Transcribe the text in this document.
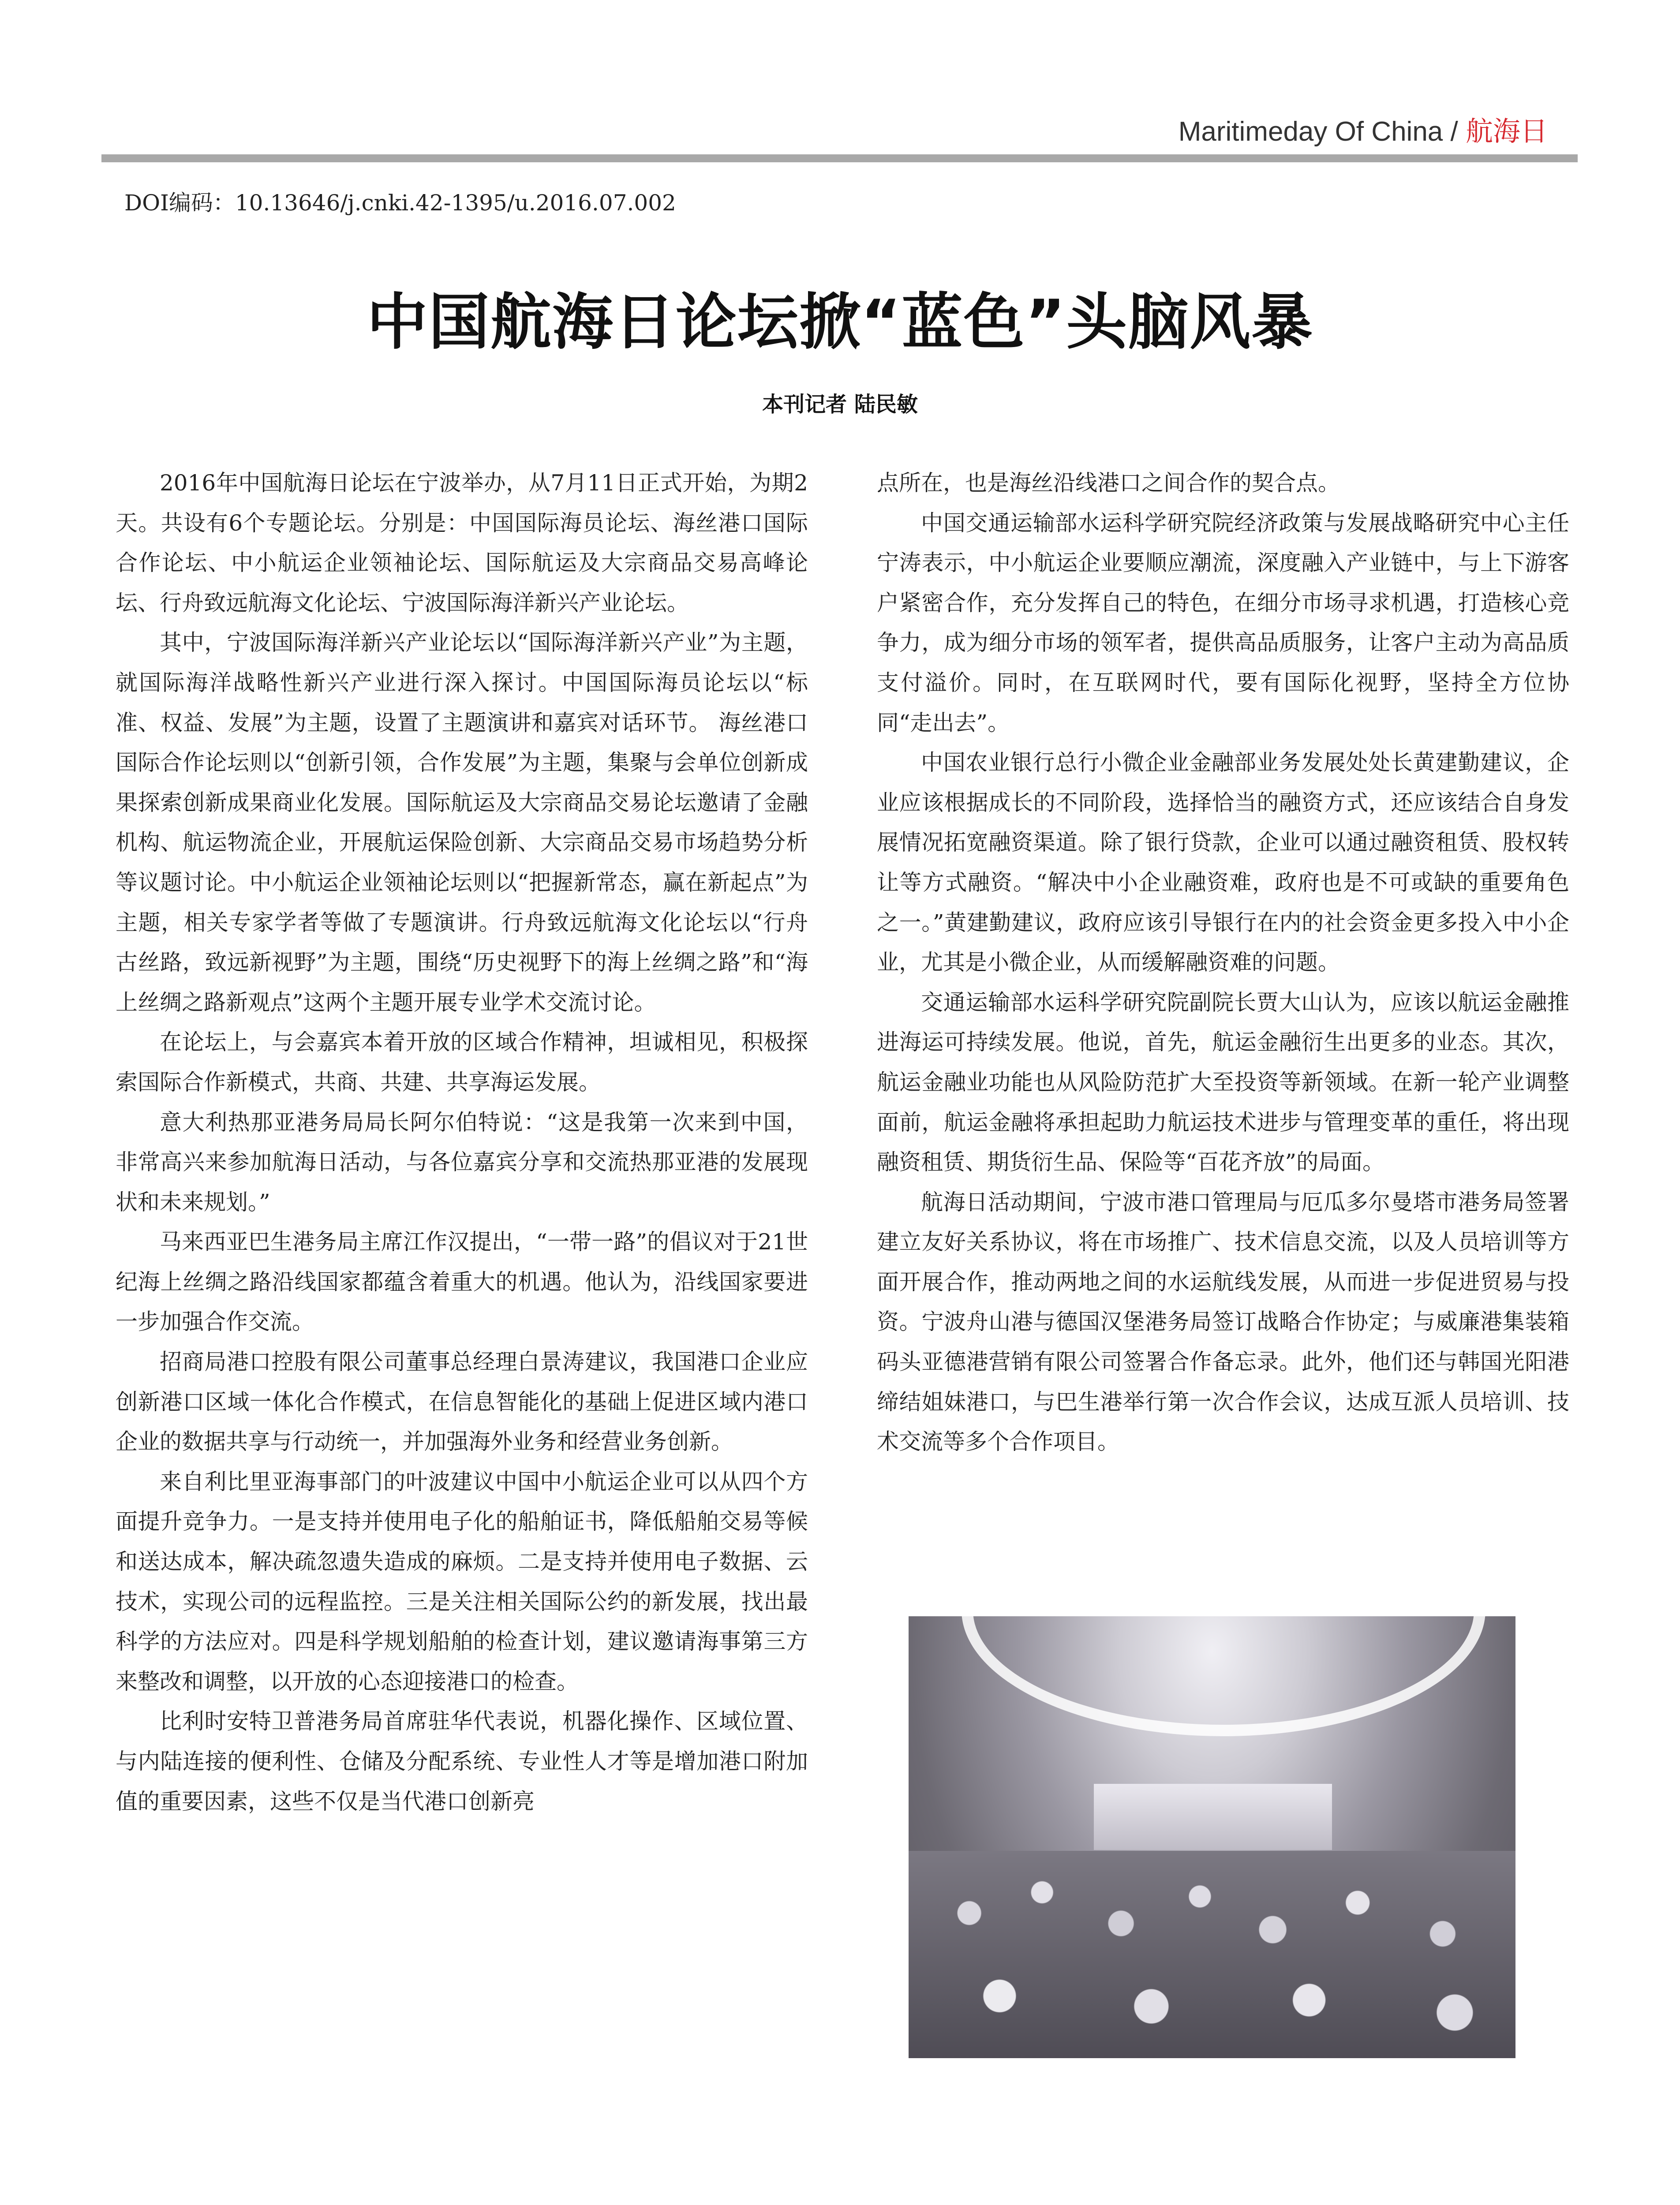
Maritimeday Of China / 航海日
DOI编码：10.13646/j.cnki.42-1395/u.2016.07.002
中国航海日论坛掀“蓝色”头脑风暴
本刊记者 陆民敏

2016年中国航海日论坛在宁波举办，从7月11日正式开始，为期2天。共设有6个专题论坛。分别是：中国国际海员论坛、海丝港口国际合作论坛、中小航运企业领袖论坛、国际航运及大宗商品交易高峰论坛、行舟致远航海文化论坛、宁波国际海洋新兴产业论坛。

其中，宁波国际海洋新兴产业论坛以“国际海洋新兴产业”为主题，就国际海洋战略性新兴产业进行深入探讨。中国国际海员论坛以“标准、权益、发展”为主题，设置了主题演讲和嘉宾对话环节。 海丝港口国际合作论坛则以“创新引领，合作发展”为主题，集聚与会单位创新成果探索创新成果商业化发展。国际航运及大宗商品交易论坛邀请了金融机构、航运物流企业，开展航运保险创新、大宗商品交易市场趋势分析等议题讨论。中小航运企业领袖论坛则以“把握新常态，赢在新起点”为主题，相关专家学者等做了专题演讲。行舟致远航海文化论坛以“行舟古丝路，致远新视野”为主题，围绕“历史视野下的海上丝绸之路”和“海上丝绸之路新观点”这两个主题开展专业学术交流讨论。

在论坛上，与会嘉宾本着开放的区域合作精神，坦诚相见，积极探索国际合作新模式，共商、共建、共享海运发展。

意大利热那亚港务局局长阿尔伯特说：“这是我第一次来到中国，非常高兴来参加航海日活动，与各位嘉宾分享和交流热那亚港的发展现状和未来规划。”

马来西亚巴生港务局主席江作汉提出，“一带一路”的倡议对于21世纪海上丝绸之路沿线国家都蕴含着重大的机遇。他认为，沿线国家要进一步加强合作交流。

招商局港口控股有限公司董事总经理白景涛建议，我国港口企业应创新港口区域一体化合作模式，在信息智能化的基础上促进区域内港口企业的数据共享与行动统一，并加强海外业务和经营业务创新。

来自利比里亚海事部门的叶波建议中国中小航运企业可以从四个方面提升竞争力。一是支持并使用电子化的船舶证书，降低船舶交易等候和送达成本，解决疏忽遗失造成的麻烦。二是支持并使用电子数据、云技术，实现公司的远程监控。三是关注相关国际公约的新发展，找出最科学的方法应对。四是科学规划船舶的检查计划，建议邀请海事第三方来整改和调整，以开放的心态迎接港口的检查。

比利时安特卫普港务局首席驻华代表说，机器化操作、区域位置、与内陆连接的便利性、仓储及分配系统、专业性人才等是增加港口附加值的重要因素，这些不仅是当代港口创新亮

点所在，也是海丝沿线港口之间合作的契合点。

中国交通运输部水运科学研究院经济政策与发展战略研究中心主任宁涛表示，中小航运企业要顺应潮流，深度融入产业链中，与上下游客户紧密合作，充分发挥自己的特色，在细分市场寻求机遇，打造核心竞争力，成为细分市场的领军者，提供高品质服务，让客户主动为高品质支付溢价。同时，在互联网时代，要有国际化视野，坚持全方位协同“走出去”。

中国农业银行总行小微企业金融部业务发展处处长黄建勤建议，企业应该根据成长的不同阶段，选择恰当的融资方式，还应该结合自身发展情况拓宽融资渠道。除了银行贷款，企业可以通过融资租赁、股权转让等方式融资。“解决中小企业融资难，政府也是不可或缺的重要角色之一。”黄建勤建议，政府应该引导银行在内的社会资金更多投入中小企业，尤其是小微企业，从而缓解融资难的问题。

交通运输部水运科学研究院副院长贾大山认为，应该以航运金融推进海运可持续发展。他说，首先，航运金融衍生出更多的业态。其次，航运金融业功能也从风险防范扩大至投资等新领域。在新一轮产业调整面前，航运金融将承担起助力航运技术进步与管理变革的重任，将出现融资租赁、期货衍生品、保险等“百花齐放”的局面。

航海日活动期间，宁波市港口管理局与厄瓜多尔曼塔市港务局签署建立友好关系协议，将在市场推广、技术信息交流，以及人员培训等方面开展合作，推动两地之间的水运航线发展，从而进一步促进贸易与投资。宁波舟山港与德国汉堡港务局签订战略合作协定；与威廉港集装箱码头亚德港营销有限公司签署合作备忘录。此外，他们还与韩国光阳港缔结姐妹港口，与巴生港举行第一次合作会议，达成互派人员培训、技术交流等多个合作项目。
